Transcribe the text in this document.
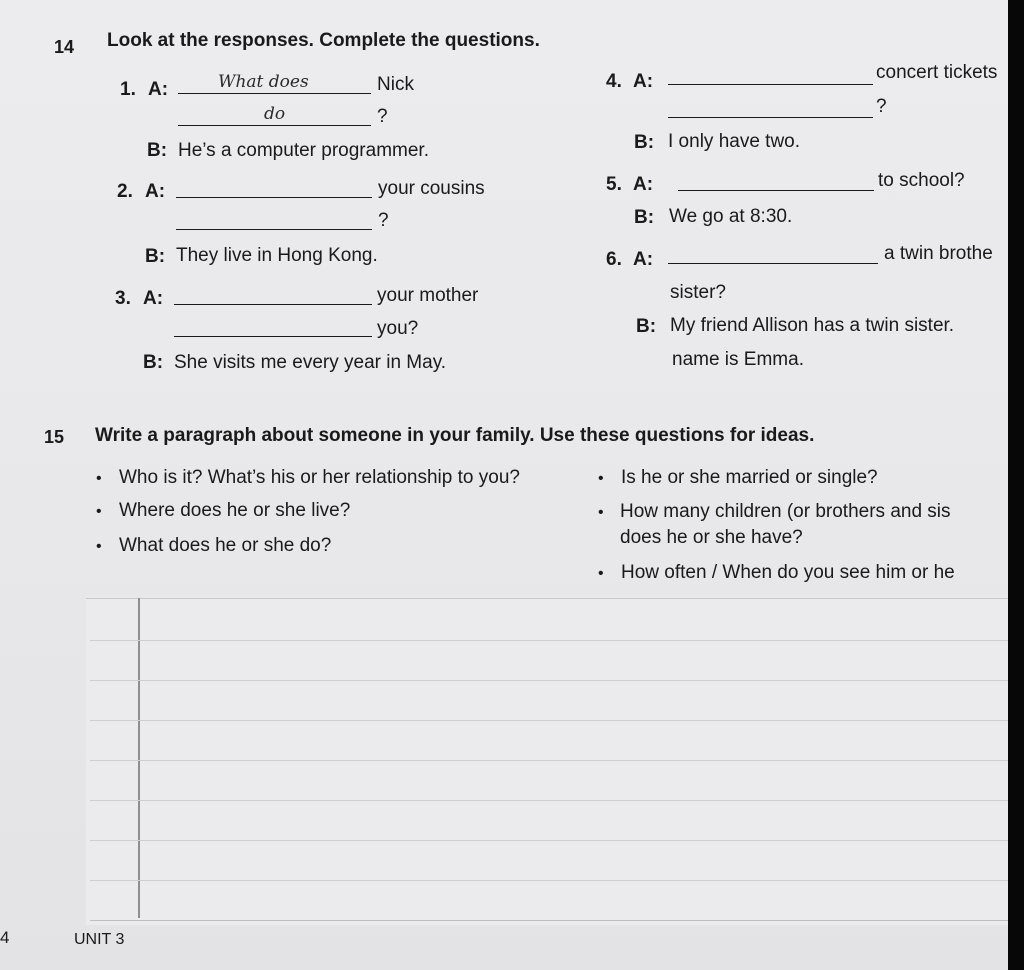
14 Look at the responses. Complete the questions.
1. A:	What does	Nick
do	?
B: He’s a computer programmer.
2. A:	your cousins
?
B: They live in Hong Kong.
3. A:	your mother
you?
B: She visits me every year in May.
4. A:	concert tickets
?
B: I only have two.
5. A:	to school?
B: We go at 8:30.
6. A:	a twin brothe
sister?
B: My friend Allison has a twin sister.
name is Emma.
15 Write a paragraph about someone in your family. Use these questions for ideas.
• Who is it? What’s his or her relationship to you?
• Where does he or she live?
• What does he or she do?
• Is he or she married or single?
• How many children (or brothers and sis
does he or she have?
• How often / When do you see him or he
4	UNIT 3
